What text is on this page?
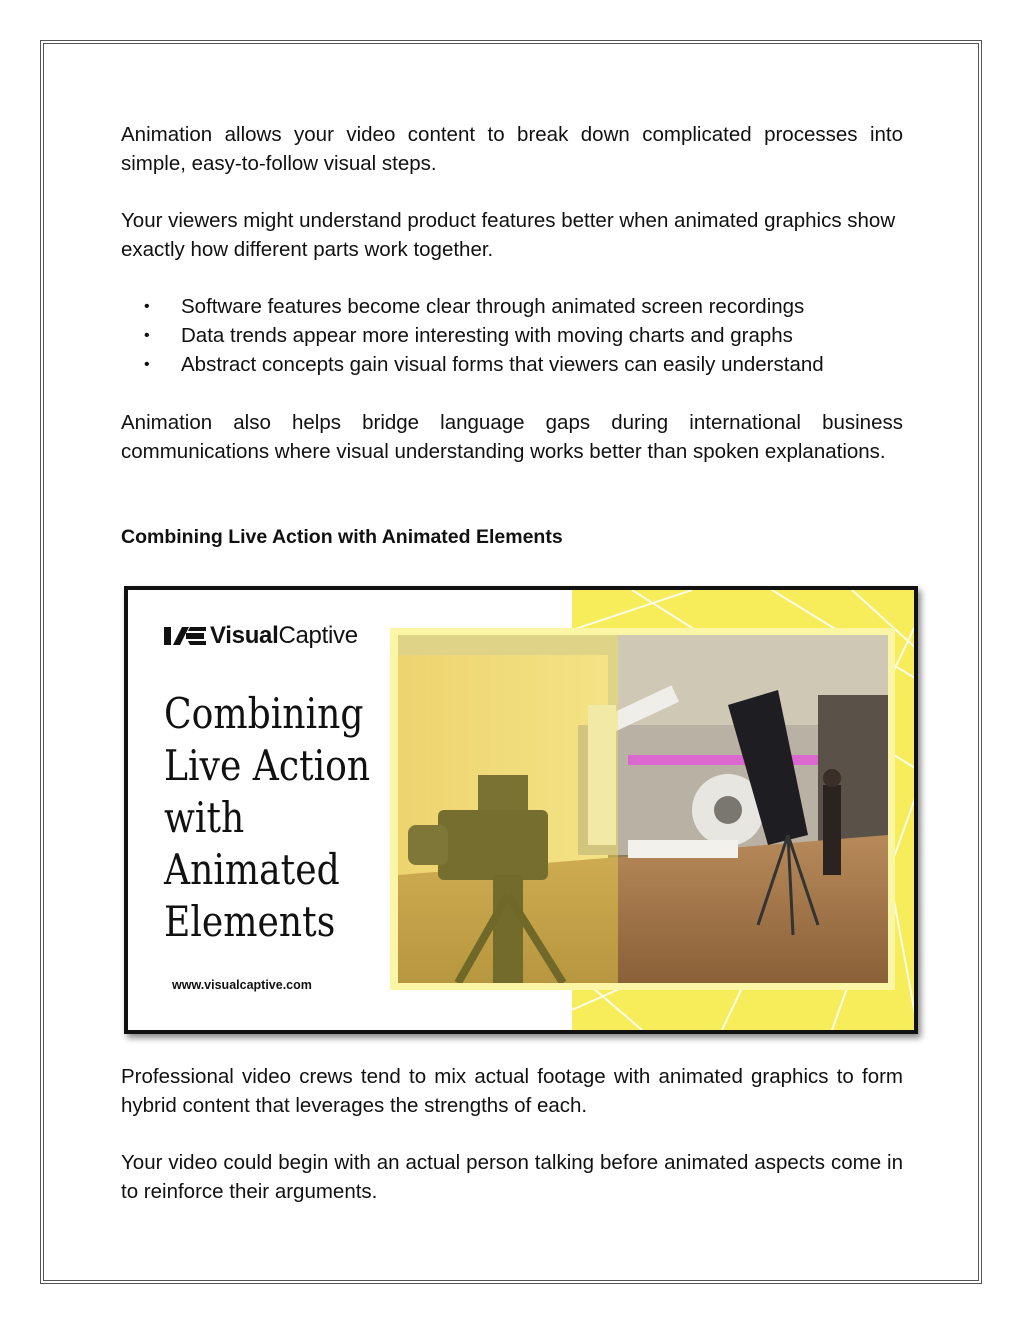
Animation allows your video content to break down complicated processes into simple, easy-to-follow visual steps.

Your viewers might understand product features better when animated graphics show exactly how different parts work together.

• Software features become clear through animated screen recordings
• Data trends appear more interesting with moving charts and graphs
• Abstract concepts gain visual forms that viewers can easily understand

Animation also helps bridge language gaps during international business communications where visual understanding works better than spoken explanations.

Combining Live Action with Animated Elements

Professional video crews tend to mix actual footage with animated graphics to form hybrid content that leverages the strengths of each.

Your video could begin with an actual person talking before animated aspects come in to reinforce their arguments.

VisualCaptive
Combining
Live Action
with
Animated
Elements
www.visualcaptive.com
